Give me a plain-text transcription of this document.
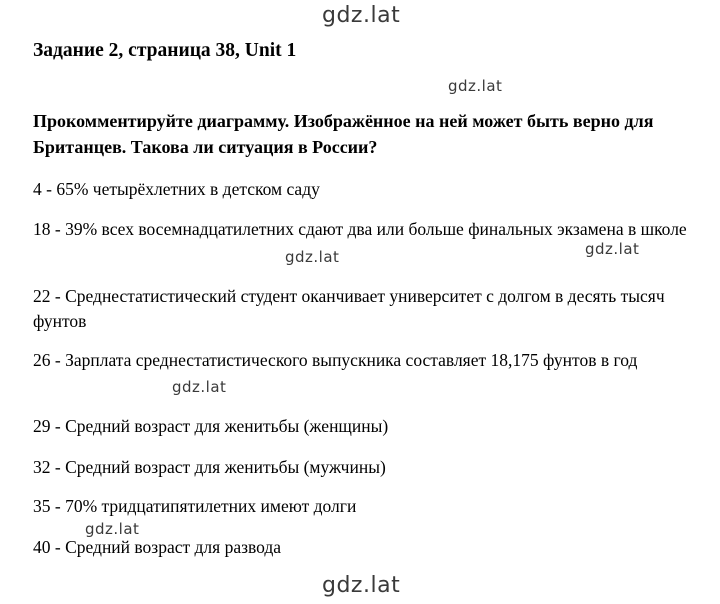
gdz.lat
Задание 2, страница 38, Unit 1
gdz.lat

Прокомментируйте диаграмму. Изображённое на ней может быть верно для Британцев. Такова ли ситуация в России?

4 - 65% четырёхлетних в детском саду

18 - 39% всех восемнадцатилетних сдают два или больше финальных экзамена в школе

gdz.lat
gdz.lat

22 - Среднестатистический студент оканчивает университет с долгом в десять тысяч фунтов

26 - Зарплата среднестатистического выпускника составляет 18,175 фунтов в год

gdz.lat

29 - Средний возраст для женитьбы (женщины)

32 - Средний возраст для женитьбы (мужчины)

35 - 70% тридцатипятилетних имеют долги

gdz.lat

40 - Средний возраст для развода

gdz.lat
